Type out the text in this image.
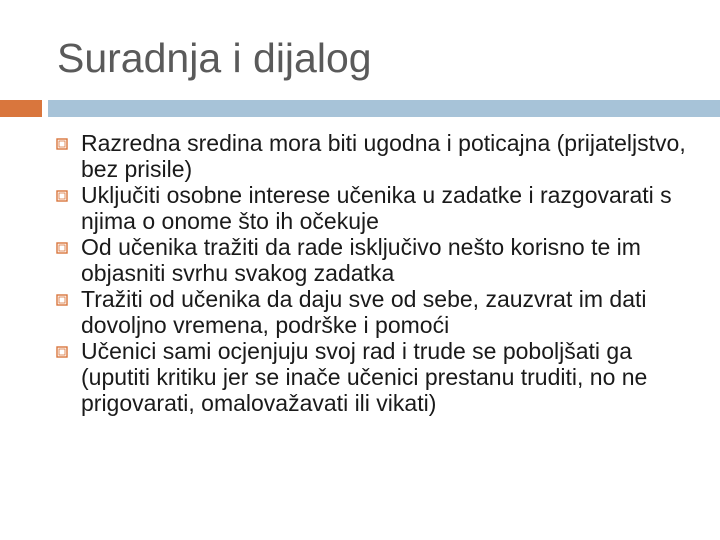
Suradnja i dijalog
Razredna sredina mora biti ugodna i poticajna (prijateljstvo, bez prisile)
Uključiti osobne interese učenika u zadatke i razgovarati s njima o onome što ih očekuje
Od učenika tražiti da rade isključivo nešto korisno te im objasniti svrhu svakog zadatka
Tražiti od učenika da daju sve od sebe, zauzvrat im dati dovoljno vremena, podrške i pomoći
Učenici sami ocjenjuju svoj rad i trude se poboljšati ga (uputiti kritiku jer se inače učenici prestanu truditi, no ne prigovarati, omalovažavati ili vikati)
